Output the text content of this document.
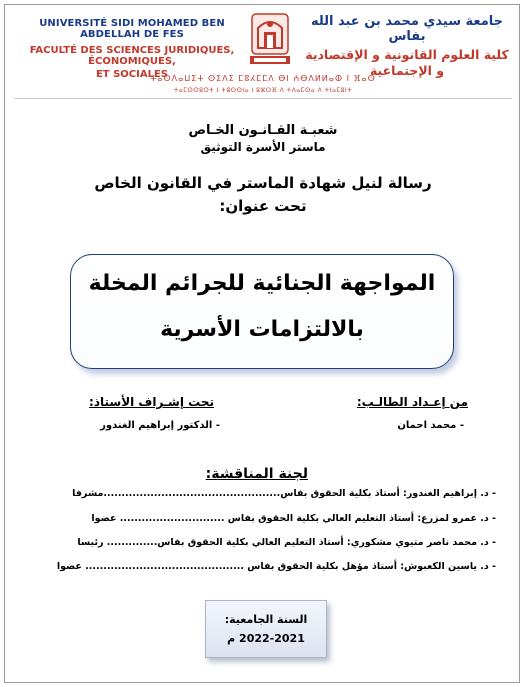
UNIVERSITÉ SIDI MOHAMED BEN ABDELLAH DE FES
FACULTÉ DES SCIENCES JURIDIQUES, ÉCONOMIQUES,
ET SOCIALES
جامعة سيدي محمد بن عبد الله بفاس
كلية العلوم القانونية و الإقتصادية
و الإجتماعية
ⵜⴰⵙⴷⴰⵡⵉⵜ ⵙⵉⴷⵉ ⵎⵓⵃⵎⵎⴷ ⴱⵏ ⵄⴱⴷⵍⵍⴰⵀ ⵏ ⴼⴰⵙ
ⵜⴰⵎⵙⵙⵓⵔⵜ ⵏ ⵜⵓⵙⵙⵏⴰ ⵏ ⵓⵣⵔⴼ ⴷ ⵜⴷⴰⵎⵙⴰ ⴷ ⵜⵏⴰⵎⵓⵏⵜ
شعبـة القـانـون الخـاص
ماستر الأسرة التوثيق
رسالة لنيل شهادة الماستر في القانون الخاص
تحت عنوان:
المواجهة الجنائية للجرائم المخلة
بالالتزامات الأسرية
من إعـداد الطالـب:
تحت إشـراف الأستاذ:
- محمد احمان
- الدكتور إبراهيم الغندور
لجنة المناقشة:
- د. إبراهيم الغندور: أستاذ بكلية الحقوق بفاس.................................................مشرفا
- د. عمرو لمزرع: أستاذ التعليم العالي بكلية الحقوق بفاس ............................. عضوا
- د. محمد ناصر متيوي مشكوري: أستاذ التعليم العالي بكلية الحقوق بفاس.............. رئيسا
- د. ياسين الكعبوش: أستاذ مؤهل بكلية الحقوق بفاس ............................................ عضوا
السنة الجامعية:
2022-2021 م
